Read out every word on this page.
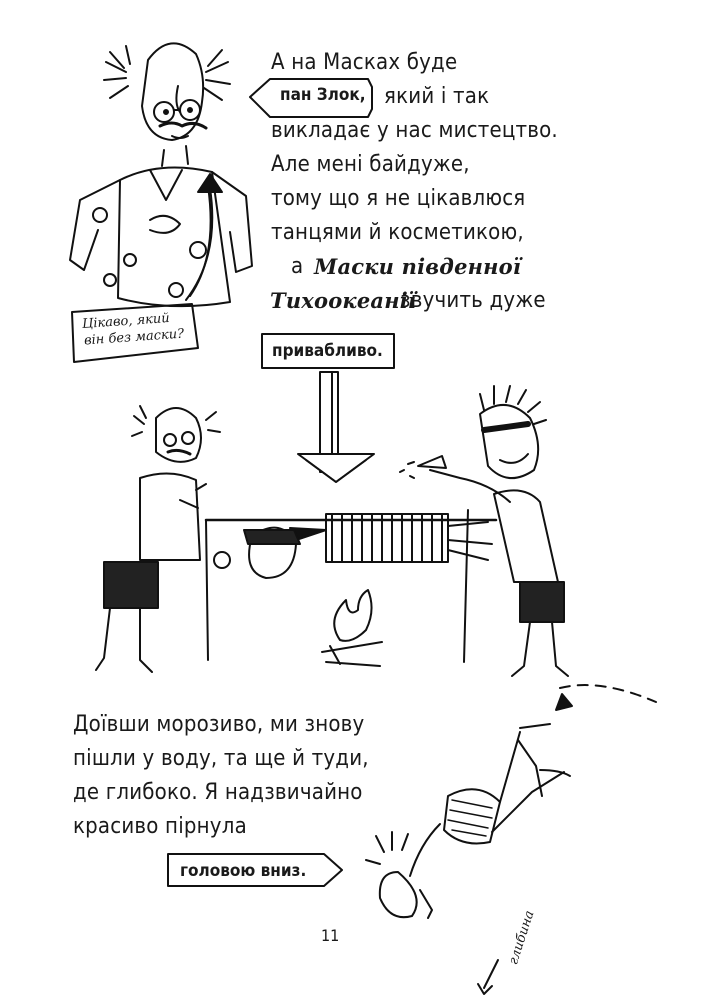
А на Масках буде
пан Злок, який і так
викладає у нас мистецтво.
Але мені байдуже,
тому що я не цікавлюся
танцями й косметикою,
а Маски південної
Тихоокеанії
звучить дуже
привабливо.
Цікаво, який
він без маски?
Доївши морозиво, ми знову
пішли у воду, та ще й туди,
де глибоко. Я надзвичайно
красиво пірнула
головою вниз.
глибина
11
